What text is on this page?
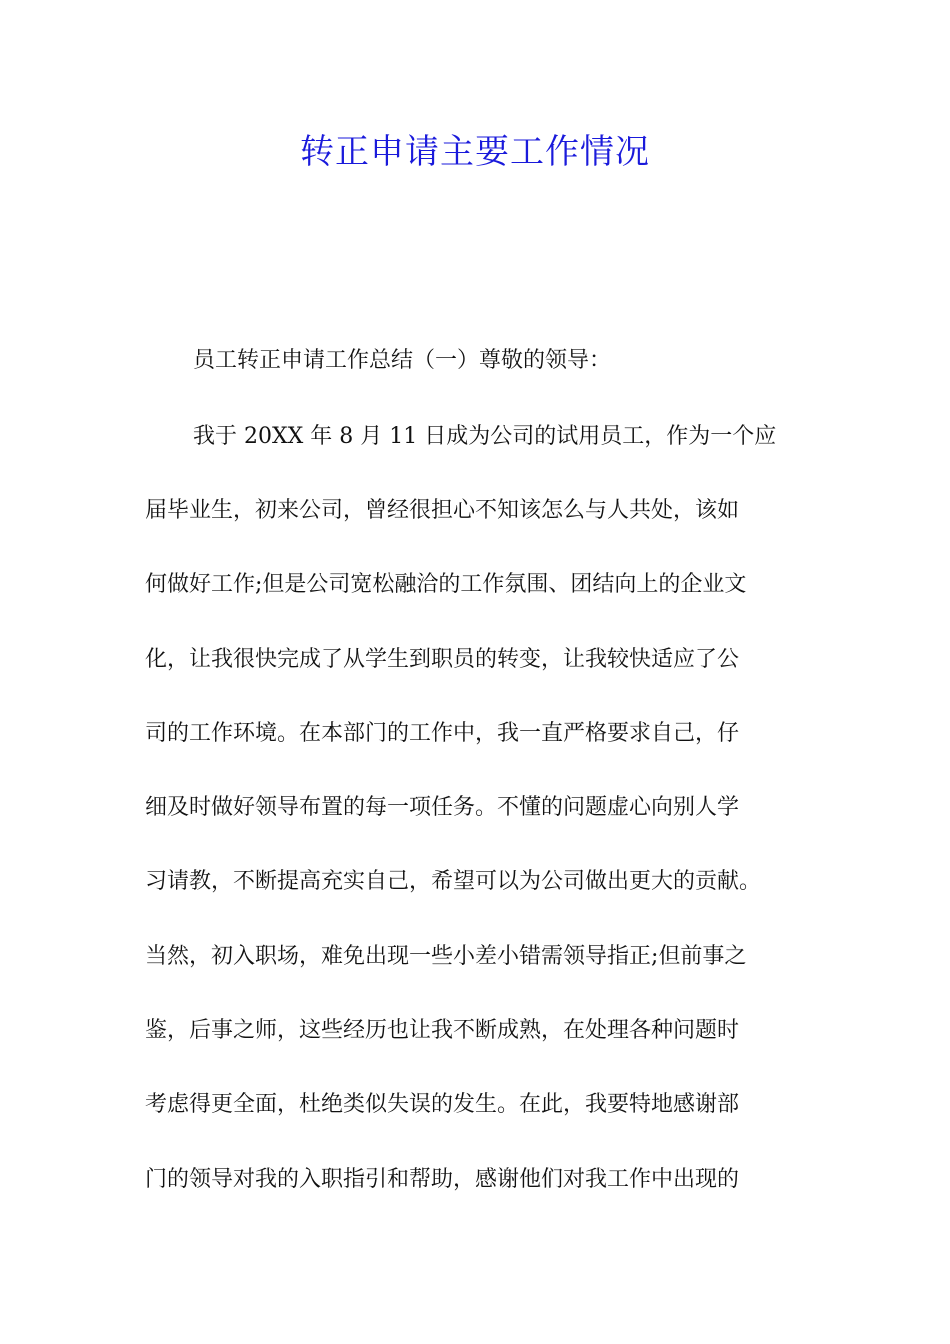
转正申请主要工作情况
员工转正申请工作总结（一）尊敬的领导：
我于 20XX 年 8 月 11 日成为公司的试用员工，作为一个应
届毕业生，初来公司，曾经很担心不知该怎么与人共处，该如
何做好工作;但是公司宽松融洽的工作氛围、团结向上的企业文
化，让我很快完成了从学生到职员的转变，让我较快适应了公
司的工作环境。在本部门的工作中，我一直严格要求自己，仔
细及时做好领导布置的每一项任务。不懂的问题虚心向别人学
习请教，不断提高充实自己，希望可以为公司做出更大的贡献。
当然，初入职场，难免出现一些小差小错需领导指正;但前事之
鉴，后事之师，这些经历也让我不断成熟，在处理各种问题时
考虑得更全面，杜绝类似失误的发生。在此，我要特地感谢部
门的领导对我的入职指引和帮助，感谢他们对我工作中出现的
